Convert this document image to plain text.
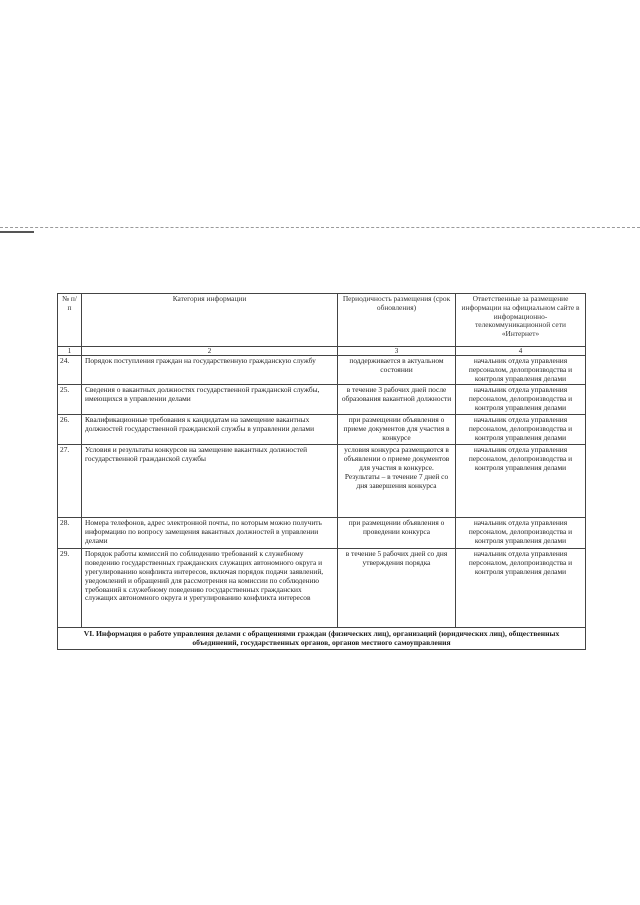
№ п/п	Категория информации	Периодичность размещения (срок обновления)	Ответственные за размещение информации на официальном сайте в информационно-телекоммуникационной сети «Интернет»
1	2	3	4
24.	Порядок поступления граждан на государственную гражданскую службу	поддерживается в актуальном состоянии	начальник отдела управления персоналом, делопроизводства и контроля управления делами
25.	Сведения о вакантных должностях государственной гражданской службы, имеющихся в управлении делами	в течение 3 рабочих дней после образования вакантной должности	начальник отдела управления персоналом, делопроизводства и контроля управления делами
26.	Квалификационные требования к кандидатам на замещение вакантных должностей государственной гражданской службы в управлении делами	при размещении объявления о приеме документов для участия в конкурсе	начальник отдела управления персоналом, делопроизводства и контроля управления делами
27.	Условия и результаты конкурсов на замещение вакантных должностей государственной гражданской службы	условия конкурса размещаются в объявлении о приеме документов для участия в конкурсе. Результаты – в течение 7 дней со дня завершения конкурса	начальник отдела управления персоналом, делопроизводства и контроля управления делами
28.	Номера телефонов, адрес электронной почты, по которым можно получить информацию по вопросу замещения вакантных должностей в управлении делами	при размещении объявления о проведении конкурса	начальник отдела управления персоналом, делопроизводства и контроля управления делами
29.	Порядок работы комиссий по соблюдению требований к служебному поведению государственных гражданских служащих автономного округа и урегулированию конфликта интересов, включая порядок подачи заявлений, уведомлений и обращений для рассмотрения на комиссии по соблюдению требований к служебному поведению государственных гражданских служащих автономного округа и урегулированию конфликта интересов	в течение 5 рабочих дней со дня утверждения порядка	начальник отдела управления персоналом, делопроизводства и контроля управления делами
VI. Информация о работе управления делами с обращениями граждан (физических лиц), организаций (юридических лиц), общественных объединений, государственных органов, органов местного самоуправления			
